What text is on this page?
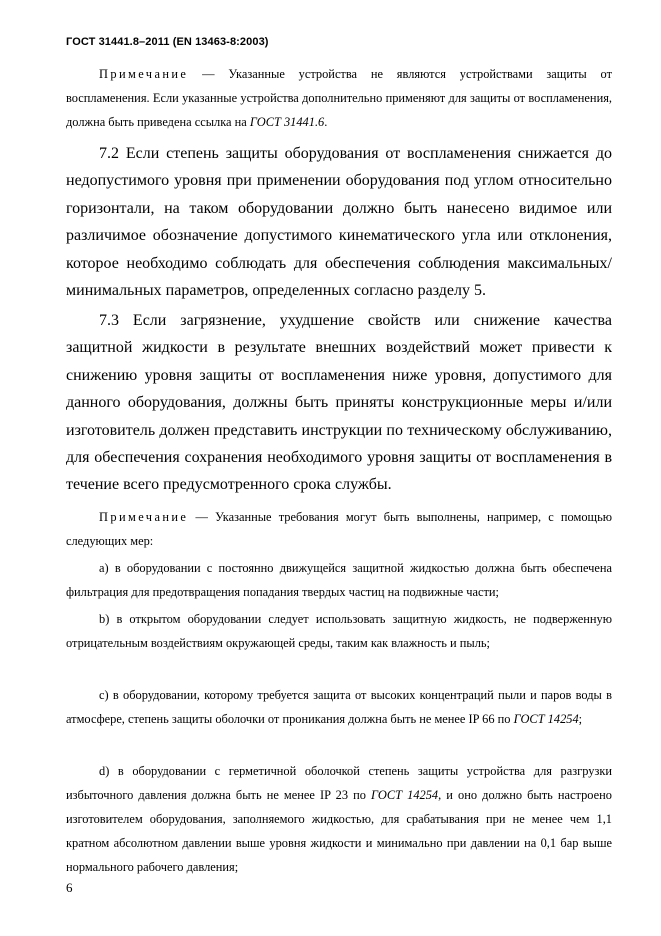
ГОСТ 31441.8–2011 (EN 13463-8:2003)
Примечание — Указанные устройства не являются устройствами защиты от воспламенения. Если указанные устройства дополнительно применяют для защиты от воспламенения, должна быть приведена ссылка на ГОСТ 31441.6.
7.2 Если степень защиты оборудования от воспламенения снижается до недопустимого уровня при применении оборудования под углом относительно горизонтали, на таком оборудовании должно быть нанесено видимое или различимое обозначение допустимого кинематического угла или отклонения, которое необходимо соблюдать для обеспечения соблюдения максимальных/минимальных параметров, определенных согласно разделу 5.
7.3 Если загрязнение, ухудшение свойств или снижение качества защитной жидкости в результате внешних воздействий может привести к снижению уровня защиты от воспламенения ниже уровня, допустимого для данного оборудования, должны быть приняты конструкционные меры и/или изготовитель должен представить инструкции по техническому обслуживанию, для обеспечения сохранения необходимого уровня защиты от воспламенения в течение всего предусмотренного срока службы.
Примечание — Указанные требования могут быть выполнены, например, с помощью следующих мер:
а) в оборудовании с постоянно движущейся защитной жидкостью должна быть обеспечена фильтрация для предотвращения попадания твердых частиц на подвижные части;
b) в открытом оборудовании следует использовать защитную жидкость, не подверженную отрицательным воздействиям окружающей среды, таким как влажность и пыль;
с) в оборудовании, которому требуется защита от высоких концентраций пыли и паров воды в атмосфере, степень защиты оболочки от проникания должна быть не менее IP 66 по ГОСТ 14254;
d) в оборудовании с герметичной оболочкой степень защиты устройства для разгрузки избыточного давления должна быть не менее IP 23 по ГОСТ 14254, и оно должно быть настроено изготовителем оборудования, заполняемого жидкостью, для срабатывания при не менее чем 1,1 кратном абсолютном давлении выше уровня жидкости и минимально при давлении на 0,1 бар выше нормального рабочего давления;
6
